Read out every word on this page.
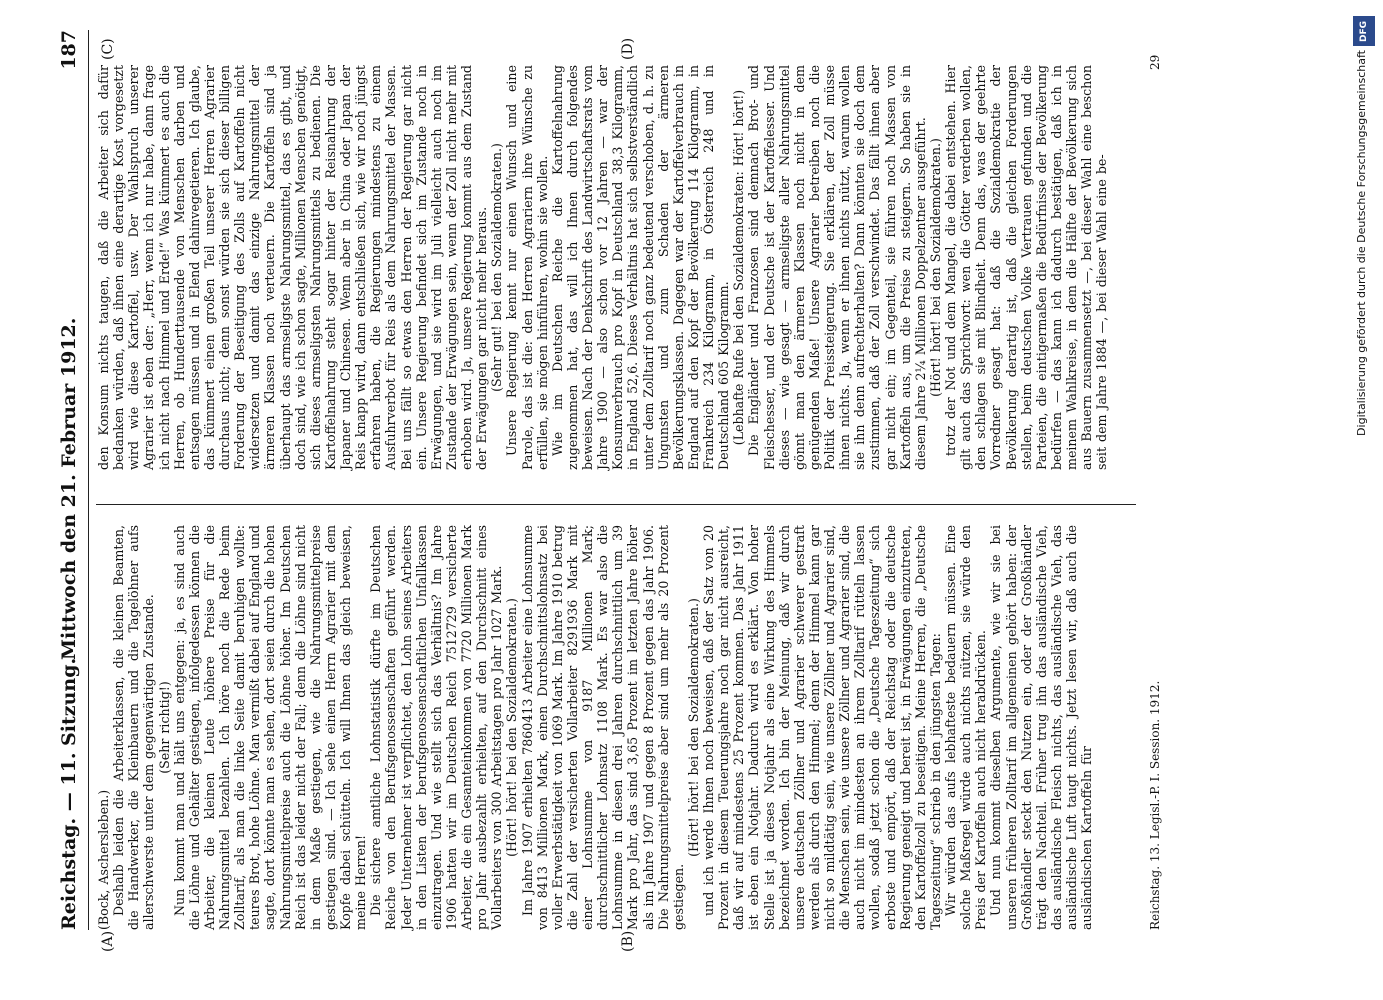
Reichstag. — 11. Sitzung.
Mittwoch den 21. Februar 1912.
187
(A)	(B)
(C)	(D)

(Bock, Aschersleben.) Deshalb leiden die Arbeiterklassen, die kleinen Beamten, die Handwerker, die Kleinbauern und die Tagelöhner aufs allerschwerste unter dem gegenwärtigen Zustande. (Sehr richtig!) Nun kommt man und hält uns entgegen: ja, es sind auch die Löhne und Gehälter gestiegen, infolgedessen können die Arbeiter, die kleinen Leute höhere Preise für die Nahrungsmittel bezahlen. Ich höre noch die Rede beim Zolltarif, als man die linke Seite damit beruhigen wollte: teures Brot, hohe Löhne. Man vermißt dabei auf England und sagte, dort könnte man es sehen, dort seien durch die hohen Nahrungsmittelpreise auch die Löhne höher. Im Deutschen Reich ist das leider nicht der Fall; denn die Löhne sind nicht in dem Maße gestiegen, wie die Nahrungsmittelpreise gestiegen sind. — Ich sehe einen Herrn Agrarier mit dem Kopfe dabei schütteln. Ich will Ihnen das gleich beweisen, meine Herren! Die sichere amtliche Lohnstatistik dürfte im Deutschen Reiche von den Berufsgenossenschaften geführt werden. Jeder Unternehmer ist verpflichtet, den Lohn seines Arbeiters in den Listen der berufsgenossenschaftlichen Unfallkassen einzutragen. Und wie stellt sich das Verhältnis? Im Jahre 1906 hatten wir im Deutschen Reich 7512729 versicherte Arbeiter, die ein Gesamteinkommen von 7720 Millionen Mark pro Jahr ausbezahlt erhielten, auf den Durchschnitt eines Vollarbeiters von 300 Arbeitstagen pro Jahr 1027 Mark. (Hört! hört! bei den Sozialdemokraten.) Im Jahre 1907 erhielten 7860413 Arbeiter eine Lohnsumme von 8413 Millionen Mark, einen Durchschnittslohnsatz bei voller Erwerbstätigkeit von 1069 Mark. Im Jahre 1910 betrug die Zahl der versicherten Vollarbeiter 8291936 Mark mit einer Lohnsumme von 9187 Millionen Mark; durchschnittlicher Lohnsatz 1108 Mark. Es war also die Lohnsumme in diesen drei Jahren durchschnittlich um 39 Mark pro Jahr, das sind 3,65 Prozent im letzten Jahre höher als im Jahre 1907 und gegen 8 Prozent gegen das Jahr 1906. Die Nahrungsmittelpreise aber sind um mehr als 20 Prozent gestiegen.

(Hört! hört! bei den Sozialdemokraten.) und ich werde Ihnen noch beweisen, daß der Satz von 20 Prozent in diesem Teuerungsjahre noch gar nicht ausreicht, daß wir auf mindestens 25 Prozent kommen. Das Jahr 1911 ist eben ein Notjahr. Dadurch wird es erklärt. Von hoher Stelle ist ja dieses Notjahr als eine Wirkung des Himmels bezeichnet worden. Ich bin der Meinung, daß wir durch unsere deutschen Zöllner und Agrarier schwerer gestraft werden als durch den Himmel; denn der Himmel kann gar nicht so mildtätig sein, wie unsere Zöllner und Agrarier sind, die Menschen sein, wie unsere Zöllner und Agrarier sind, die auch nicht im mindesten an ihrem Zolltarif rütteln lassen wollen, sodaß jetzt schon die „Deutsche Tageszeitung“ sich erboste und empört, daß der Reichstag oder die deutsche Regierung geneigt und bereit ist, in Erwägungen einzutreten, den Kartoffelzoll zu beseitigen. Meine Herren, die „Deutsche Tageszeitung“ schrieb in den jüngsten Tagen: Wir würden das aufs lebhafteste bedauern müssen. Eine solche Maßregel würde auch nichts nützen, sie würde den Preis der Kartoffeln auch nicht herabdrücken. Und nun kommt dieselben Argumente, wie wir sie bei unseren früheren Zolltarif im allgemeinen gehört haben: der Großhändler steckt den Nutzen ein, oder der Großhändler trägt den Nachteil. Früher trug ihn das ausländische Vieh, das ausländische Fleisch nichts, das ausländische Vieh, das ausländische Luft taugt nichts. Jetzt lesen wir, daß auch die ausländischen Kartoffeln für

den Konsum nichts taugen, daß die Arbeiter sich dafür bedanken würden, daß ihnen eine derartige Kost vorgesetzt wird wie diese Kartoffel, usw. Der Wahlspruch unserer Agrarier ist eben der: „Herr, wenn ich nur habe, dann frage ich nicht nach Himmel und Erde!“ Was kümmert es auch die Herren, ob Hunderttausende von Menschen darben und entsagen müssen und in Elend dahinvegetieren. Ich glaube, das kümmert einen großen Teil unserer Herren Agrarier durchaus nicht; denn sonst würden sie sich dieser billigen Forderung der Beseitigung des Zolls auf Kartoffeln nicht widersetzen und damit das einzige Nahrungsmittel der ärmeren Klassen noch verteuern. Die Kartoffeln sind ja überhaupt das armseligste Nahrungsmittel, das es gibt, und doch sind, wie ich schon sagte, Millionen Menschen genötigt, sich dieses armseligsten Nahrungsmittels zu bedienen. Die Kartoffelnahrung steht sogar hinter der Reisnahrung der Japaner und Chinesen. Wenn aber in China oder Japan der Reis knapp wird, dann entschließen sich, wie wir noch jüngst erfahren haben, die Regierungen mindestens zu einem Ausfuhrverbot für Reis als dem Nahrungsmittel der Massen. Bei uns fällt so etwas den Herren der Regierung gar nicht ein. Unsere Regierung befindet sich im Zustande noch in Erwägungen, und sie wird im Juli vielleicht auch noch im Zustande der Erwägungen sein, wenn der Zoll nicht mehr mit erhoben wird. Ja, unsere Regierung kommt aus dem Zustand der Erwägungen gar nicht mehr heraus. (Sehr gut! bei den Sozialdemokraten.) Unsere Regierung kennt nur einen Wunsch und eine Parole, das ist die: den Herren Agrariern ihre Wünsche zu erfüllen, sie mögen hinführen, wohin sie wollen. Wie im Deutschen Reiche die Kartoffelnahrung zugenommen hat, das will ich Ihnen durch folgendes beweisen. Nach der Denkschrift des Landwirtschaftsrats vom Jahre 1900 — also schon vor 12 Jahren — war der Konsumverbrauch pro Kopf in Deutschland 38,3 Kilogramm, in England 52,6. Dieses Verhältnis hat sich selbstverständlich unter dem Zolltarif noch ganz bedeutend verschoben, d. h. zu Ungunsten und zum Schaden der ärmeren Bevölkerungsklassen. Dagegen war der Kartoffelverbrauch in England auf den Kopf der Bevölkerung 114 Kilogramm, in Frankreich 234 Kilogramm, in Österreich 248 und in Deutschland 605 Kilogramm. (Lebhafte Rufe bei den Sozialdemokraten: Hört! hört!) Die Engländer und Franzosen sind demnach Brot- und Fleischesser, und der Deutsche ist der Kartoffelesser. Und dieses — wie gesagt — armseligste aller Nahrungsmittel gönnt man den ärmeren Klassen noch nicht in dem genügenden Maße! Unsere Agrarier betreiben noch die Politik der Preissteigerung. Sie erklären, der Zoll müsse ihnen nichts. Ja, wenn er ihnen nichts nützt, warum wollen sie ihn denn aufrechterhalten? Dann könnten sie doch dem zustimmen, daß der Zoll verschwindet. Das fällt ihnen aber gar nicht ein; im Gegenteil, sie führen noch Massen von Kartoffeln aus, um die Preise zu steigern. So haben sie in diesem Jahre 2¼ Millionen Doppelzentner ausgeführt. (Hört! hört! bei den Sozialdemokraten.) trotz der Not und dem Mangel, die dabei entstehen. Hier gilt auch das Sprichwort: wen die Götter verderben wollen, den schlagen sie mit Blindheit. Denn das, was der geehrte Vorredner gesagt hat: daß die Sozialdemokratie der Bevölkerung derartig ist, daß die gleichen Forderungen stellen, beim deutschen Volke Vertrauen gefunden und die Parteien, die eintigermaßen die Bedürfnisse der Bevölkerung bedürfen — das kann ich dadurch bestätigen, daß ich in meinem Wahlkreise, in dem die Hälfte der Bevölkerung sich aus Bauern zusammensetzt —, bei dieser Wahl eine beschon seit dem Jahre 1884 —, bei dieser Wahl eine be-

Reichstag. 13. Legisl.-P. I. Session. 1912.
29
DFG
Digitalisierung gefördert durch die Deutsche Forschungsgemeinschaft
